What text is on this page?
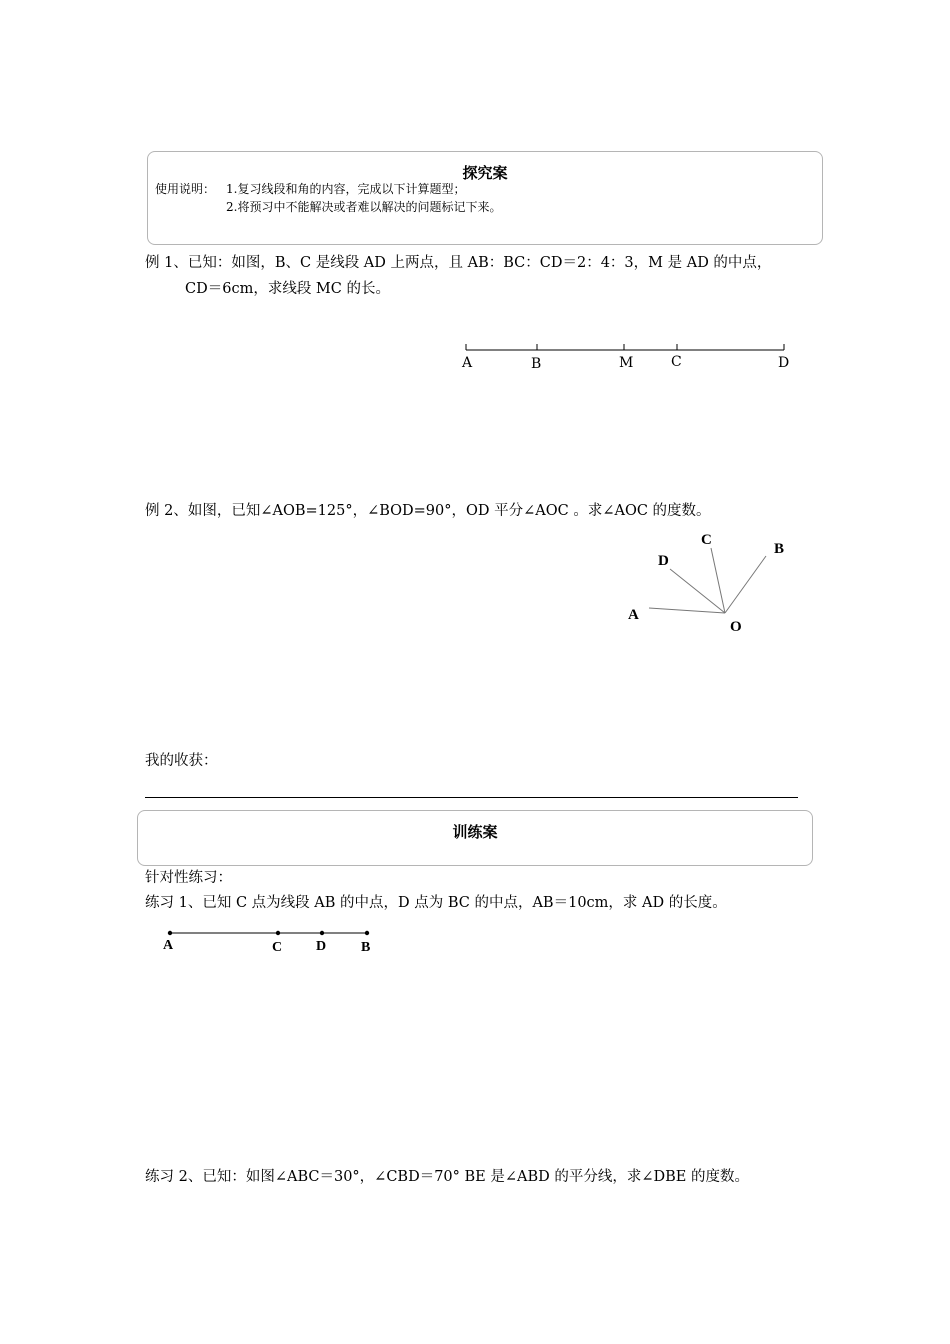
探究案
使用说明： 1.复习线段和角的内容，完成以下计算题型；
2.将预习中不能解决或者难以解决的问题标记下来。
例 1、已知：如图，B、C 是线段 AD 上两点，且 AB：BC：CD＝2：4：3，M 是 AD 的中点，
CD＝6cm，求线段 MC 的长。
A	B	M	C	D
例 2、如图，已知∠AOB=125°，∠BOD=90°，OD 平分∠AOC 。求∠AOC 的度数。
C
B
D
A
O
我的收获：
训练案
针对性练习：
练习 1、已知 C 点为线段 AB 的中点，D 点为 BC 的中点，AB＝10cm，求 AD 的长度。
A	C D B
练习 2、已知：如图∠ABC＝30°，∠CBD＝70° BE 是∠ABD 的平分线，求∠DBE 的度数。
